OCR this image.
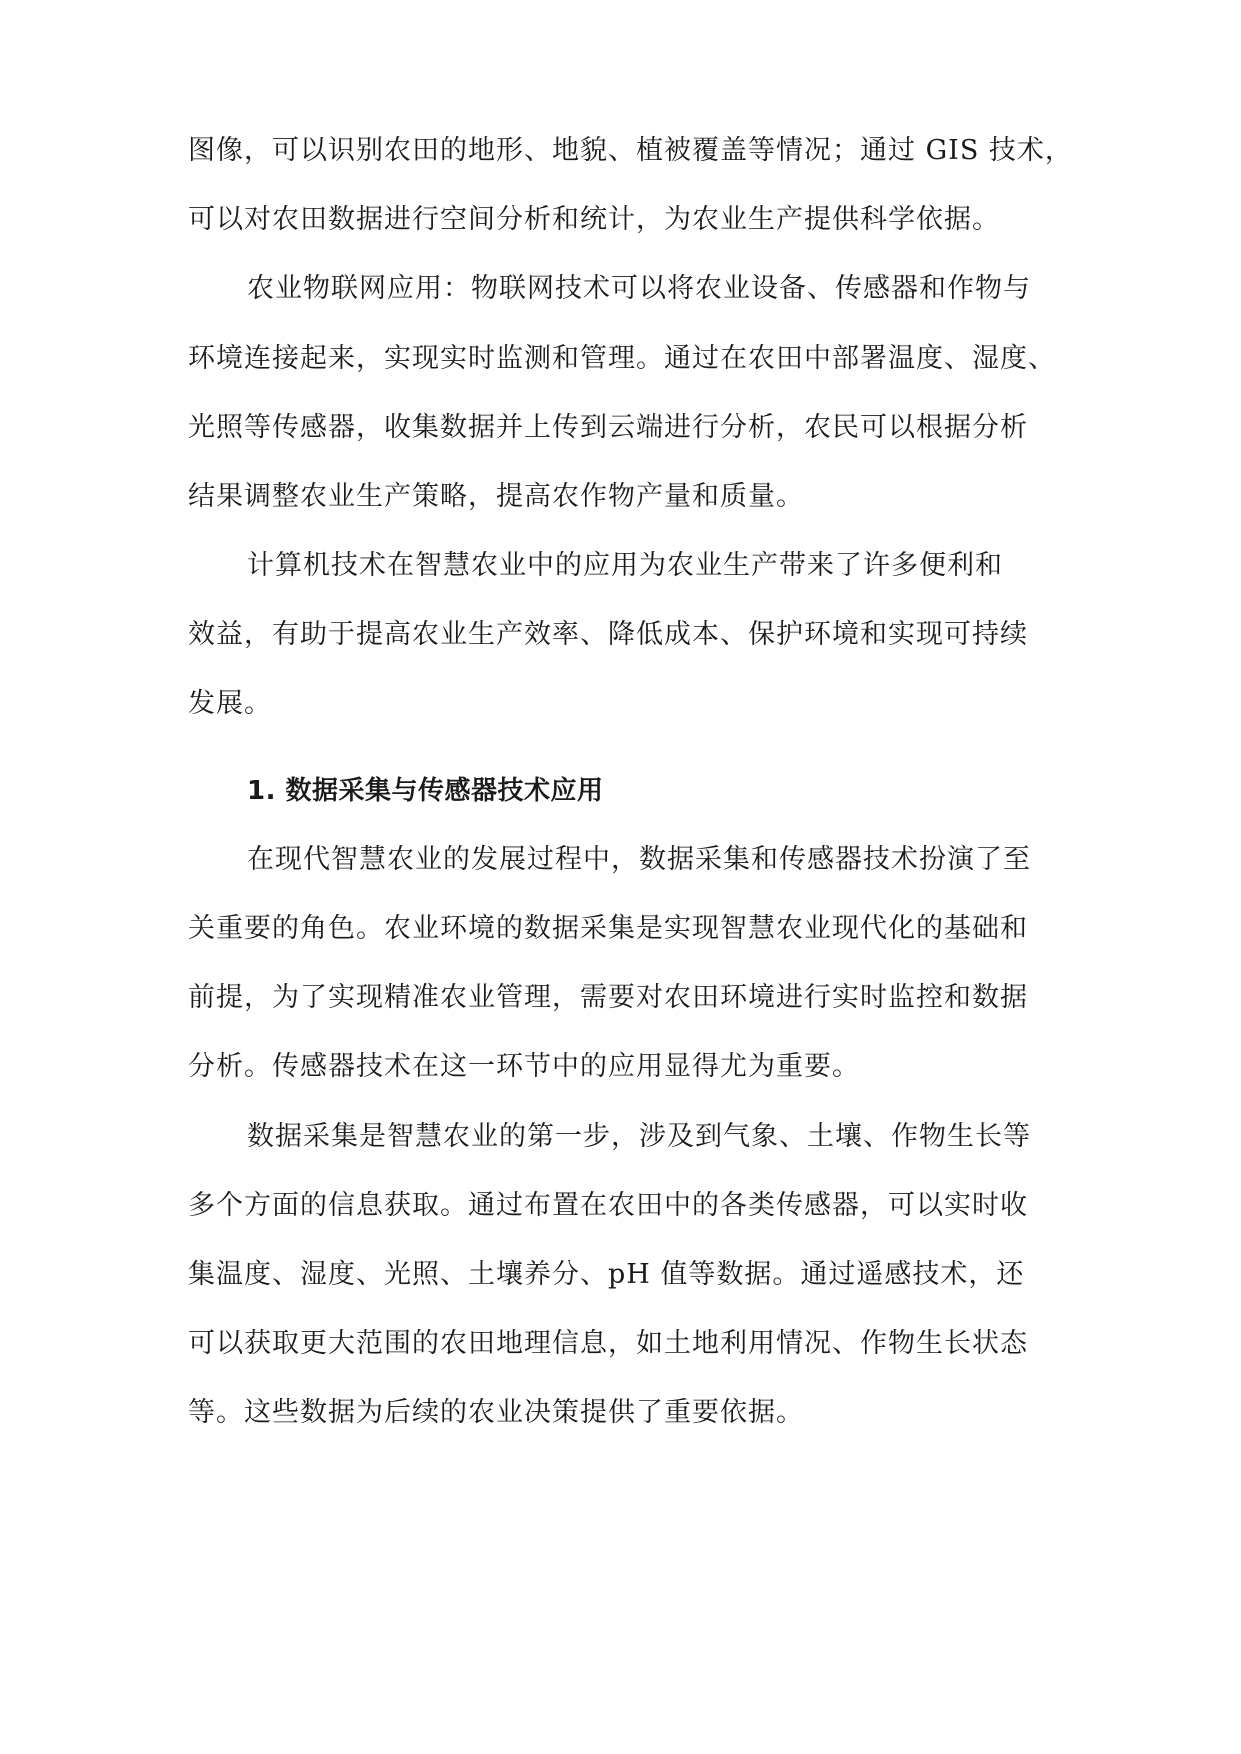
图像，可以识别农田的地形、地貌、植被覆盖等情况；通过 GIS 技术，
可以对农田数据进行空间分析和统计，为农业生产提供科学依据。
农业物联网应用：物联网技术可以将农业设备、传感器和作物与
环境连接起来，实现实时监测和管理。通过在农田中部署温度、湿度、
光照等传感器，收集数据并上传到云端进行分析，农民可以根据分析
结果调整农业生产策略，提高农作物产量和质量。
计算机技术在智慧农业中的应用为农业生产带来了许多便利和
效益，有助于提高农业生产效率、降低成本、保护环境和实现可持续
发展。
1. 数据采集与传感器技术应用
在现代智慧农业的发展过程中，数据采集和传感器技术扮演了至
关重要的角色。农业环境的数据采集是实现智慧农业现代化的基础和
前提，为了实现精准农业管理，需要对农田环境进行实时监控和数据
分析。传感器技术在这一环节中的应用显得尤为重要。
数据采集是智慧农业的第一步，涉及到气象、土壤、作物生长等
多个方面的信息获取。通过布置在农田中的各类传感器，可以实时收
集温度、湿度、光照、土壤养分、pH 值等数据。通过遥感技术，还
可以获取更大范围的农田地理信息，如土地利用情况、作物生长状态
等。这些数据为后续的农业决策提供了重要依据。
